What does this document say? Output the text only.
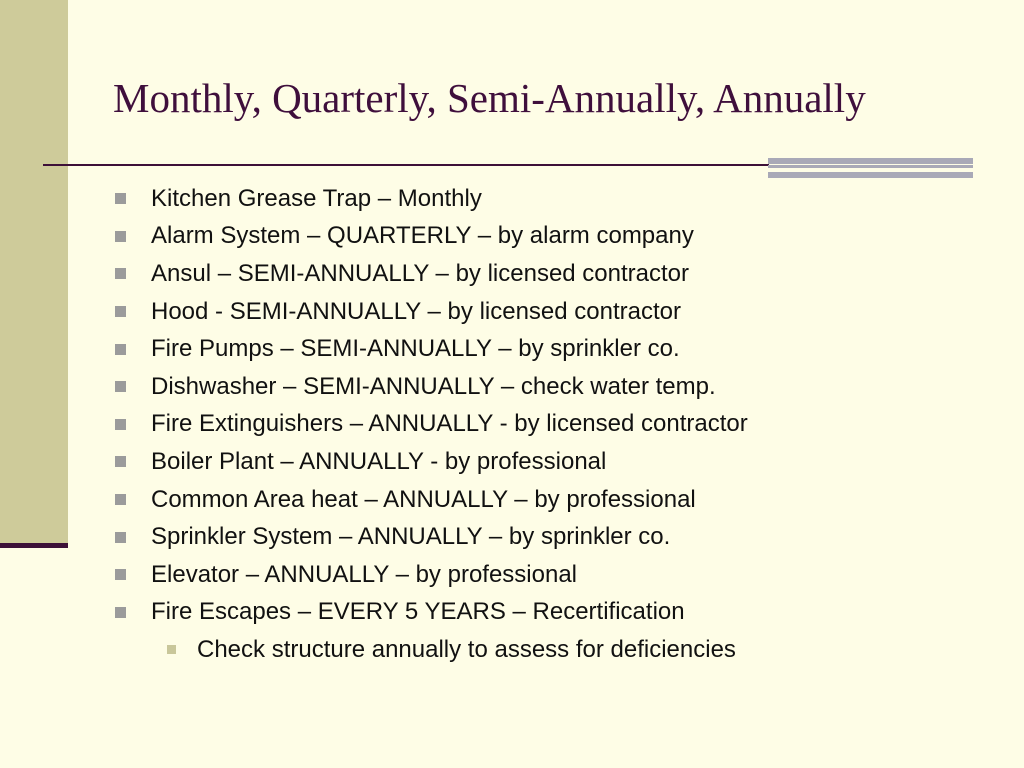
Monthly, Quarterly, Semi-Annually, Annually
Kitchen Grease Trap – Monthly
Alarm System – QUARTERLY – by alarm company
Ansul – SEMI-ANNUALLY – by licensed contractor
Hood - SEMI-ANNUALLY – by licensed contractor
Fire Pumps – SEMI-ANNUALLY – by sprinkler co.
Dishwasher – SEMI-ANNUALLY – check water temp.
Fire Extinguishers – ANNUALLY - by licensed contractor
Boiler Plant – ANNUALLY - by professional
Common Area heat – ANNUALLY – by professional
Sprinkler System – ANNUALLY – by sprinkler co.
Elevator – ANNUALLY – by professional
Fire Escapes – EVERY 5 YEARS – Recertification
Check structure annually to assess for deficiencies
